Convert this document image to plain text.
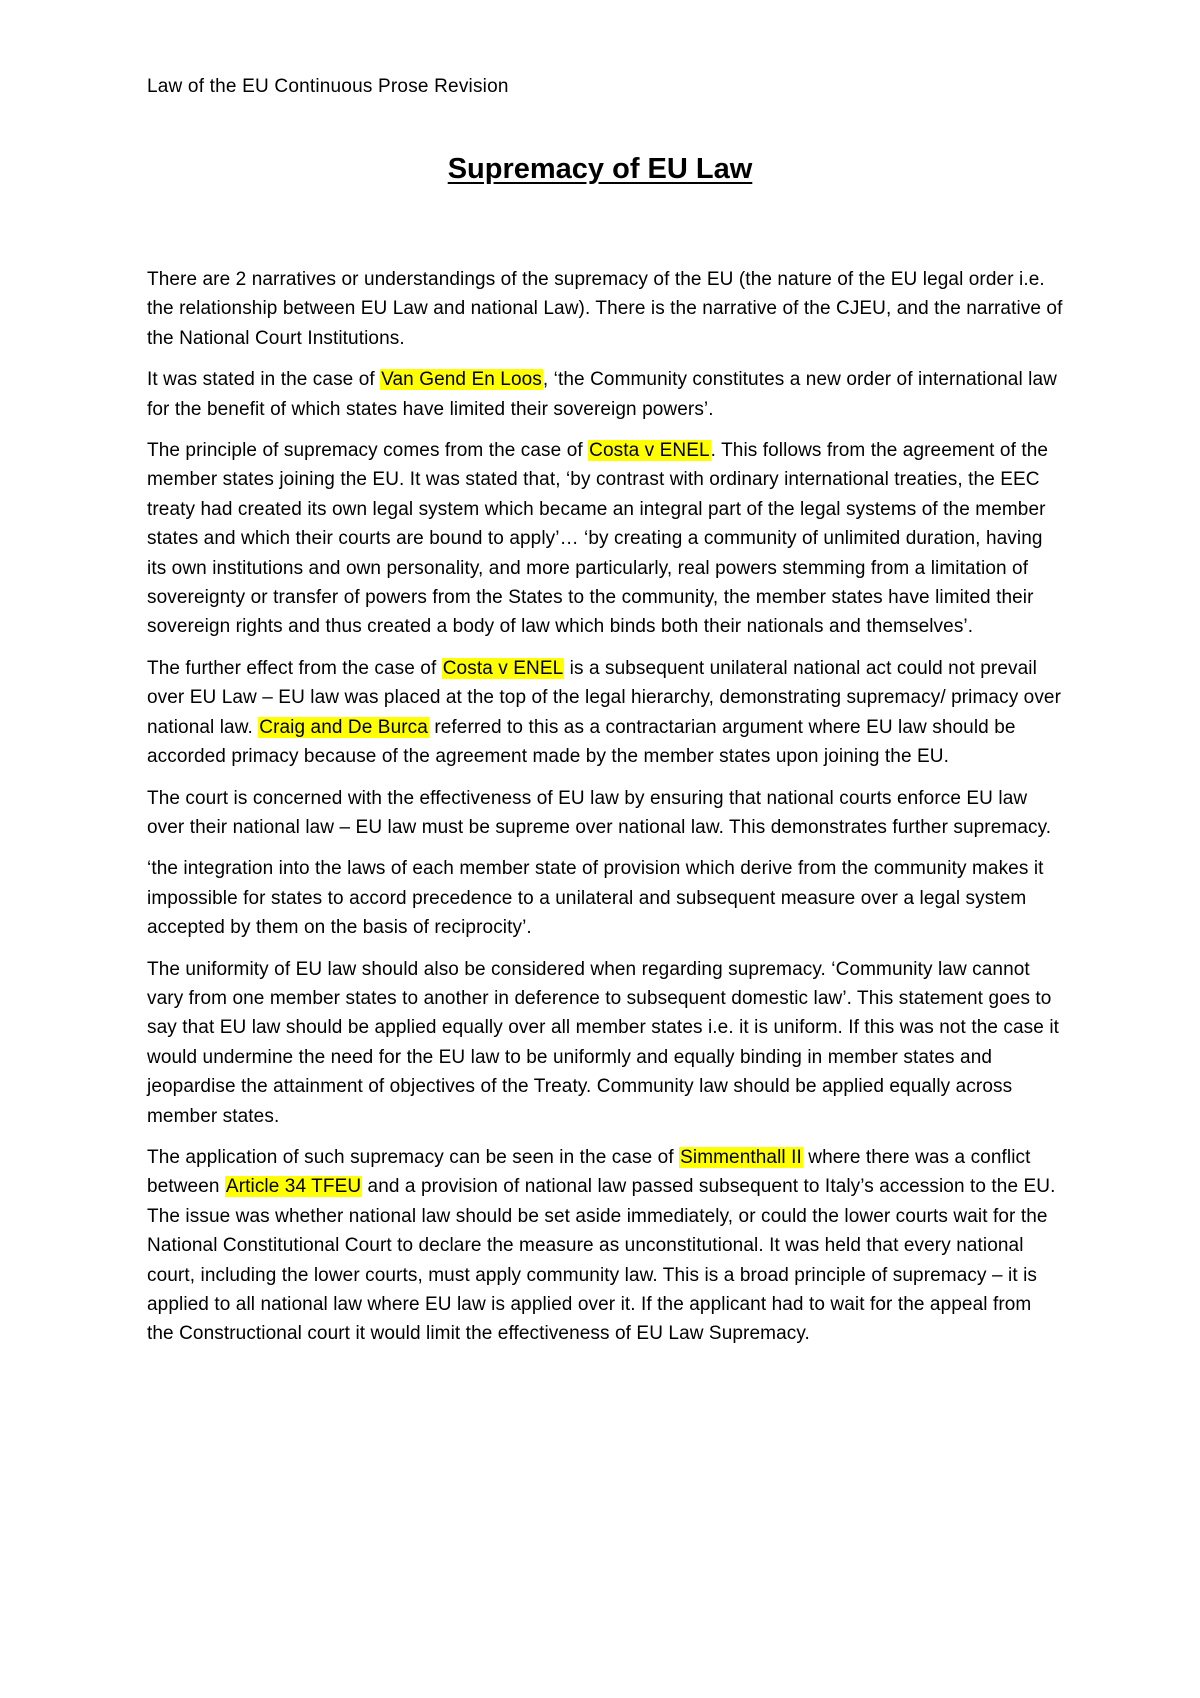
Law of the EU Continuous Prose Revision
Supremacy of EU Law

There are 2 narratives or understandings of the supremacy of the EU (the nature of the EU legal order i.e. the relationship between EU Law and national Law). There is the narrative of the CJEU, and the narrative of the National Court Institutions.

It was stated in the case of Van Gend En Loos, ‘the Community constitutes a new order of international law for the benefit of which states have limited their sovereign powers’.

The principle of supremacy comes from the case of Costa v ENEL. This follows from the agreement of the member states joining the EU. It was stated that, ‘by contrast with ordinary international treaties, the EEC treaty had created its own legal system which became an integral part of the legal systems of the member states and which their courts are bound to apply’… ‘by creating a community of unlimited duration, having its own institutions and own personality, and more particularly, real powers stemming from a limitation of sovereignty or transfer of powers from the States to the community, the member states have limited their sovereign rights and thus created a body of law which binds both their nationals and themselves’.

The further effect from the case of Costa v ENEL is a subsequent unilateral national act could not prevail over EU Law – EU law was placed at the top of the legal hierarchy, demonstrating supremacy/ primacy over national law. Craig and De Burca referred to this as a contractarian argument where EU law should be accorded primacy because of the agreement made by the member states upon joining the EU.

The court is concerned with the effectiveness of EU law by ensuring that national courts enforce EU law over their national law – EU law must be supreme over national law. This demonstrates further supremacy.

‘the integration into the laws of each member state of provision which derive from the community makes it impossible for states to accord precedence to a unilateral and subsequent measure over a legal system accepted by them on the basis of reciprocity’.

The uniformity of EU law should also be considered when regarding supremacy. ‘Community law cannot vary from one member states to another in deference to subsequent domestic law’. This statement goes to say that EU law should be applied equally over all member states i.e. it is uniform. If this was not the case it would undermine the need for the EU law to be uniformly and equally binding in member states and jeopardise the attainment of objectives of the Treaty. Community law should be applied equally across member states.

The application of such supremacy can be seen in the case of Simmenthall II where there was a conflict between Article 34 TFEU and a provision of national law passed subsequent to Italy’s accession to the EU. The issue was whether national law should be set aside immediately, or could the lower courts wait for the National Constitutional Court to declare the measure as unconstitutional. It was held that every national court, including the lower courts, must apply community law. This is a broad principle of supremacy – it is applied to all national law where EU law is applied over it. If the applicant had to wait for the appeal from the Constructional court it would limit the effectiveness of EU Law Supremacy.
